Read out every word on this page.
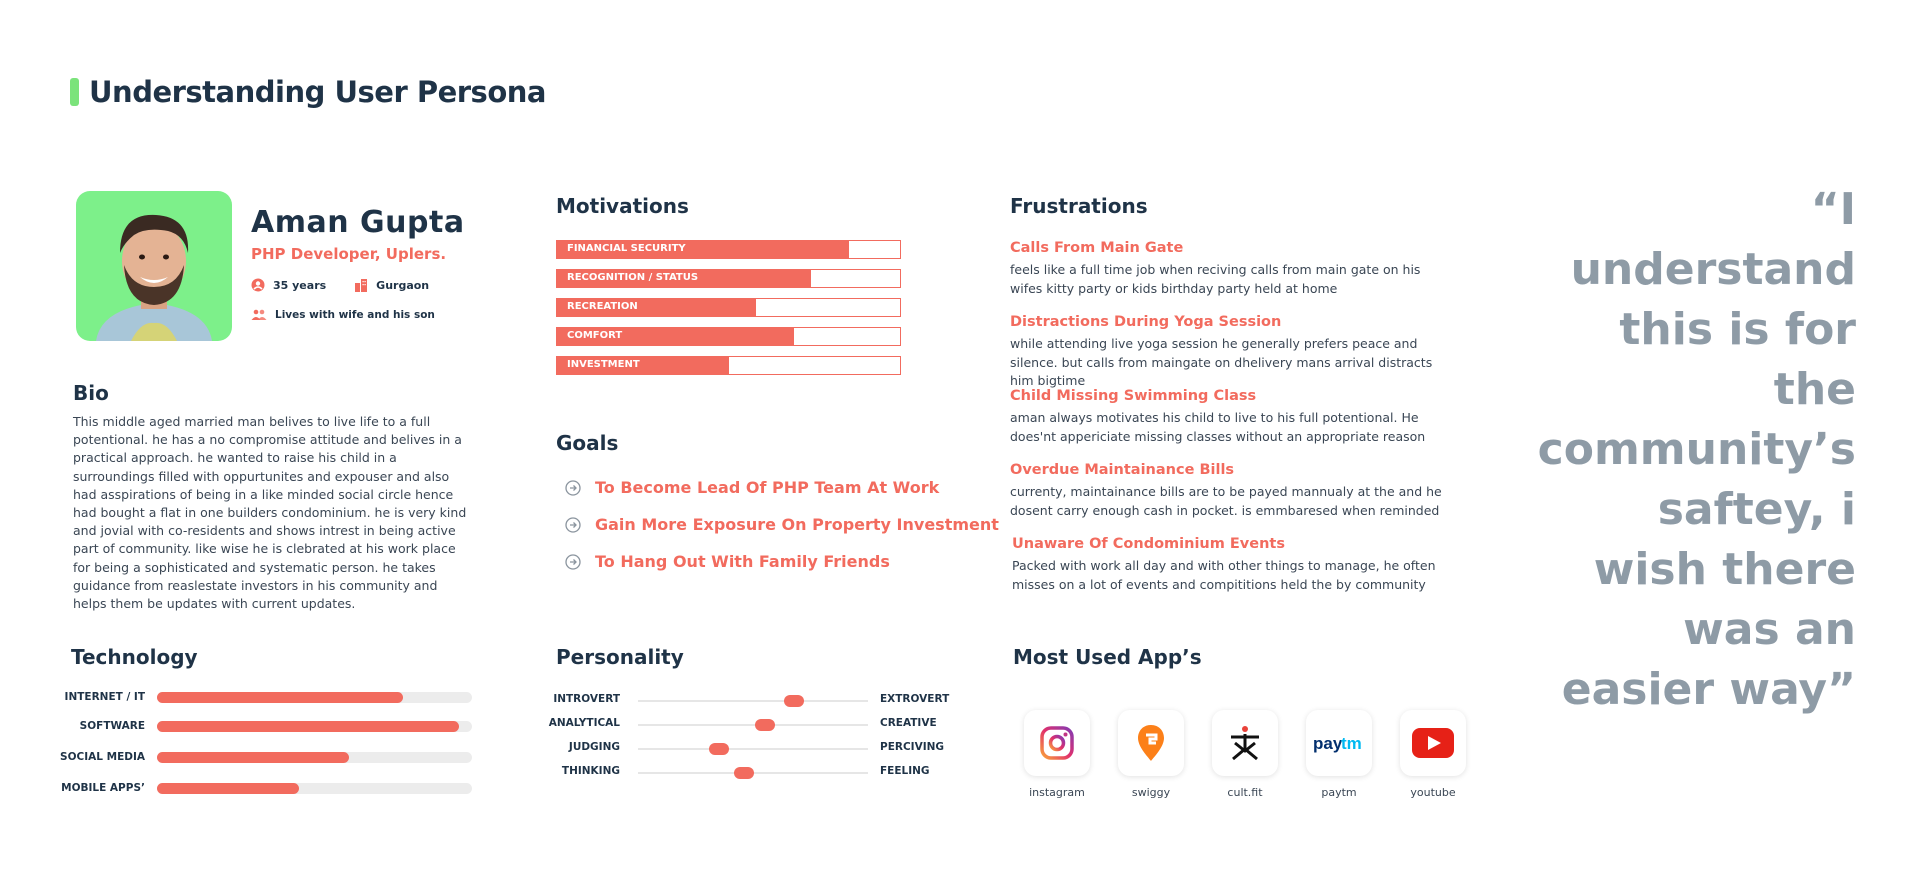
Understanding User Persona
Aman Gupta
PHP Developer, Uplers.
35 years	Gurgaon
Lives with wife and his son
Bio

This middle aged married man belives to live life to a full potentional. he has a no compromise attitude and belives in a practical approach. he wanted to raise his child in a surroundings filled with oppurtunites and expouser and also had asspirations of being in a like minded social circle hence had bought a flat in one builders condominium. he is very kind and jovial with co-residents and shows intrest in being active part of community. like wise he is clebrated at his work place for being a sophisticated and systematic person. he takes guidance from reaslestate investors in his community and helps them be updates with current updates.

Motivations
FINANCIAL SECURITY
RECOGNITION / STATUS
RECREATION
COMFORT
INVESTMENT
Goals
To Become Lead Of PHP Team At Work
Gain More Exposure On Property Investment
To Hang Out With Family Friends
Frustrations
Calls From Main Gate
feels like a full time job when reciving calls from main gate on his wifes kitty party or kids birthday party held at home
Distractions During Yoga Session
while attending live yoga session he generally prefers peace and silence. but calls from maingate on dhelivery mans arrival distracts him bigtime
Child Missing Swimming Class
aman always motivates his child to live to his full potentional. He does'nt appericiate missing classes without an appropriate reason
Overdue Maintainance Bills
currenty, maintainance bills are to be payed mannualy at the and he dosent carry enough cash in pocket. is emmbaresed when reminded
Unaware Of Condominium Events
Packed with work all day and with other things to manage, he often misses on a lot of events and compititions held the by community
“I understand this is for the community’s saftey, i wish there was an easier way”
Technology
INTERNET / IT
SOFTWARE
SOCIAL MEDIA
MOBILE APPS’
Personality
INTROVERT	EXTROVERT
ANALYTICAL	CREATIVE
JUDGING	PERCIVING
THINKING	FEELING
Most Used App’s
instagram	swiggy	cult.fit
pay
tm
paytm	youtube
